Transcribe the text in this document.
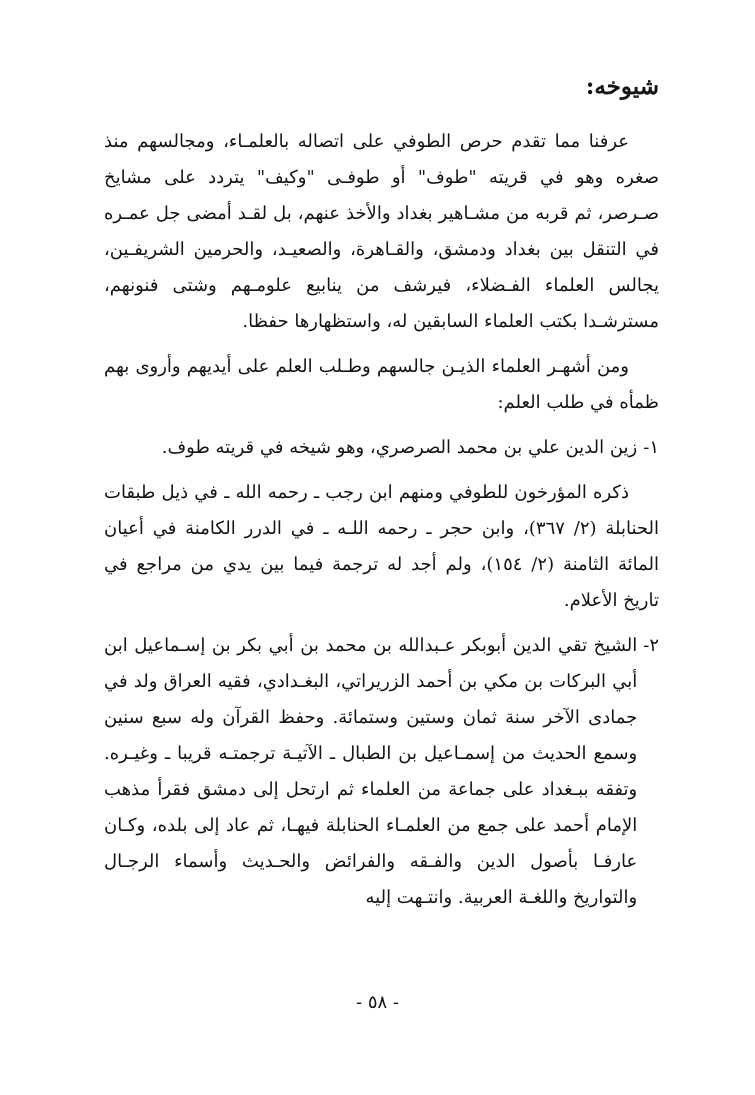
شيوخه:

عرفنا مما تقدم حرص الطوفي على اتصاله بالعلمـاء، ومجالسهم منذ صغره وهو في قريته "طوف" أو طوفـى "وكيف" يتردد على مشايخ صـرصر، ثم قربه من مشـاهير بغداد والأخذ عنهم، بل لقـد أمضى جل عمـره في التنقل بين بغداد ودمشق، والقـاهرة، والصعيـد، والحرمين الشريفـين، يجالس العلماء الفـضلاء، فيرشف من ينابيع علومـهم وشتى فنونهم، مسترشـدا بكتب العلماء السابقين له، واستظهارها حفظا.

ومن أشهـر العلماء الذيـن جالسهم وطـلب العلم على أيديهم وأروى بهم ظمأه في طلب العلم:

١-
زين الدين علي بن محمد الصرصري، وهو شيخه في قريته طوف.

ذكره المؤرخون للطوفي ومنهم ابن رجب ـ رحمه الله ـ في ذيل طبقات الحنابلة (٢/ ٣٦٧)، وابن حجر ـ رحمه اللـه ـ في الدرر الكامنة في أعيان المائة الثامنة (٢/ ١٥٤)، ولم أجد له ترجمة فيما بين يدي من مراجع في تاريخ الأعلام.

٢-
الشيخ تقي الدين أبوبكر عـبدالله بن محمد بن أبي بكر بن إسـماعيل ابن أبي البركات بن مكي بن أحمد الزريراتي، البغـدادي، فقيه العراق ولد في جمادى الآخر سنة ثمان وستين وستمائة. وحفظ القرآن وله سبع سنين وسمع الحديث من إسمـاعيل بن الطبال ـ الآتيـة ترجمتـه قريبا ـ وغيـره. وتفقه ببـغداد على جماعة من العلماء ثم ارتحل إلى دمشق فقرأ مذهب الإمام أحمد على جمع من العلمـاء الحنابلة فيهـا، ثم عاد إلى بلده، وكـان عارفـا بأصول الدين والفـقه والفرائض والحـديث وأسماء الرجـال والتواريخ واللغـة العربية. وانتـهت إليه
- ٥٨ -
